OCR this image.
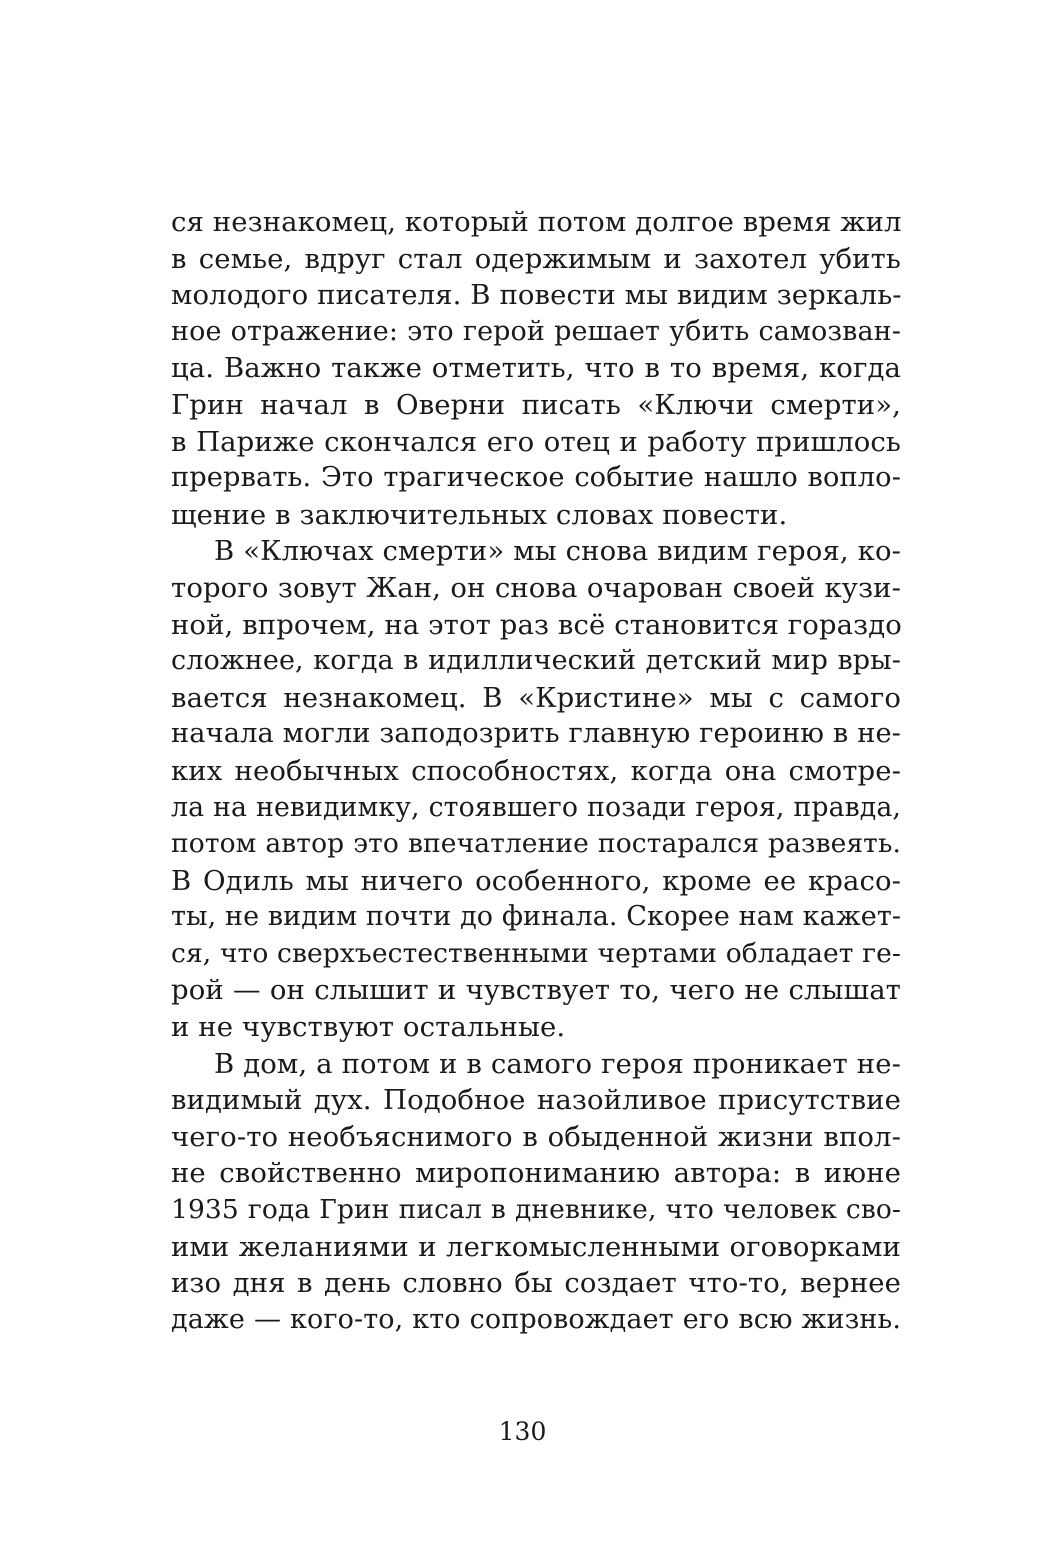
ся незнакомец, который потом долгое время жил
в семье, вдруг стал одержимым и захотел убить
молодого писателя. В повести мы видим зеркаль-
ное отражение: это герой решает убить самозван-
ца. Важно также отметить, что в то время, когда
Грин начал в Оверни писать «Ключи смерти»,
в Париже скончался его отец и работу пришлось
прервать. Это трагическое событие нашло вопло-
щение в заключительных словах повести.
В «Ключах смерти» мы снова видим героя, ко-
торого зовут Жан, он снова очарован своей кузи-
ной, впрочем, на этот раз всё становится гораздо
сложнее, когда в идиллический детский мир вры-
вается незнакомец. В «Кристине» мы с самого
начала могли заподозрить главную героиню в не-
ких необычных способностях, когда она смотре-
ла на невидимку, стоявшего позади героя, правда,
потом автор это впечатление постарался развеять.
В Одиль мы ничего особенного, кроме ее красо-
ты, не видим почти до финала. Скорее нам кажет-
ся, что сверхъестественными чертами обладает ге-
рой — он слышит и чувствует то, чего не слышат
и не чувствуют остальные.
В дом, а потом и в самого героя проникает не-
видимый дух. Подобное назойливое присутствие
чего-то необъяснимого в обыденной жизни впол-
не свойственно миропониманию автора: в июне
1935 года Грин писал в дневнике, что человек сво-
ими желаниями и легкомысленными оговорками
изо дня в день словно бы создает что-то, вернее
даже — кого-то, кто сопровождает его всю жизнь.
130
